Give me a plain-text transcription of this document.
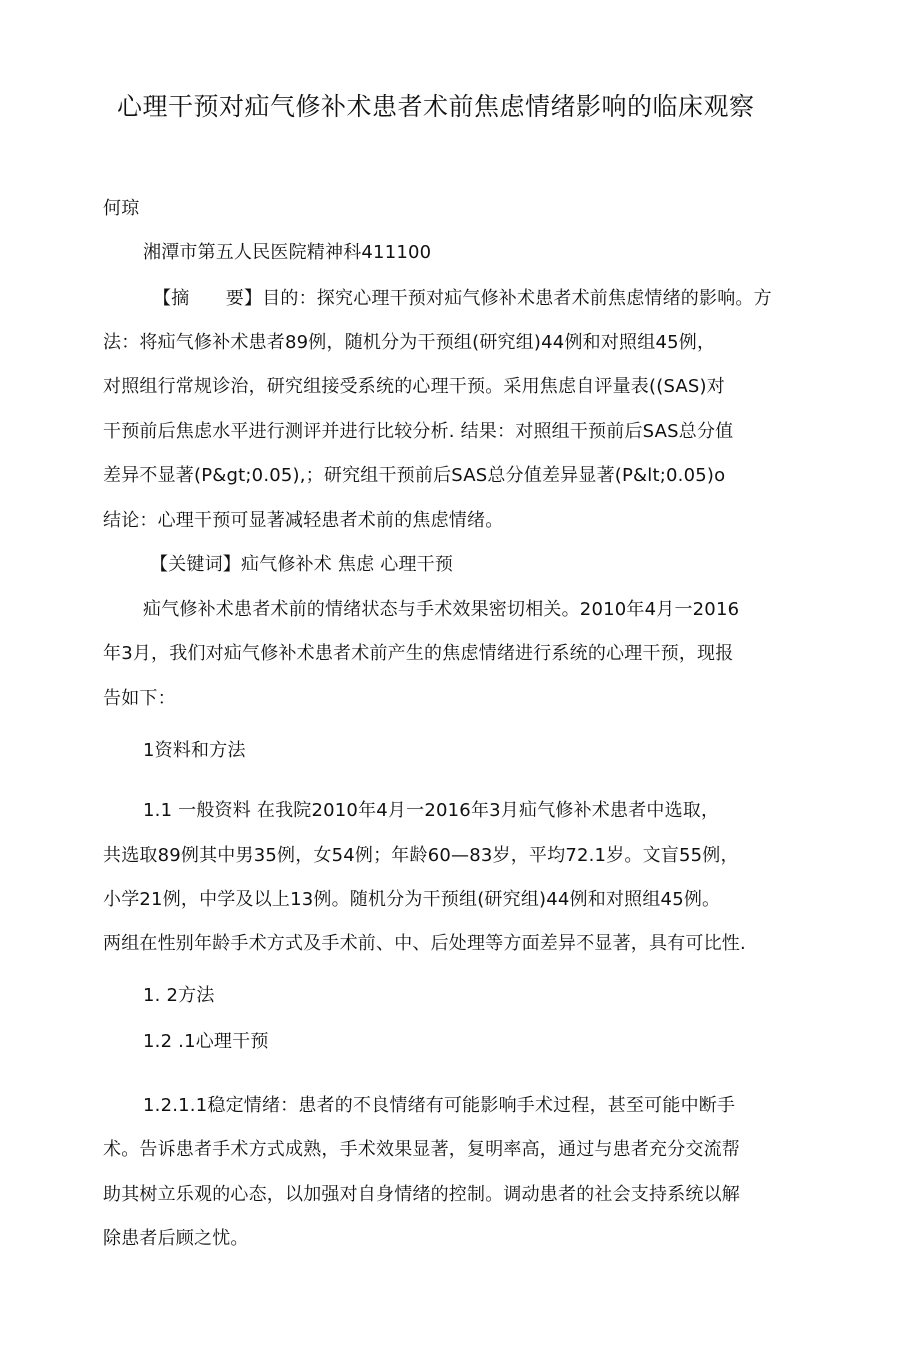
心理干预对疝气修补术患者术前焦虑情绪影响的临床观察
何琼
湘潭市第五人民医院精神科411100
【摘　　要】目的：探究心理干预对疝气修补术患者术前焦虑情绪的影响。方
法：将疝气修补术患者89例，随机分为干预组(研究组)44例和对照组45例，
对照组行常规诊治，研究组接受系统的心理干预。采用焦虑自评量表((SAS)对
干预前后焦虑水平进行测评并进行比较分析. 结果：对照组干预前后SAS总分值
差异不显著(P&gt;0.05),；研究组干预前后SAS总分值差异显著(P&lt;0.05)o
结论：心理干预可显著减轻患者术前的焦虑情绪。
【关键词】疝气修补术 焦虑 心理干预
疝气修补术患者术前的情绪状态与手术效果密切相关。2010年4月一2016
年3月，我们对疝气修补术患者术前产生的焦虑情绪进行系统的心理干预，现报
告如下：
1资料和方法
1.1 一般资料 在我院2010年4月一2016年3月疝气修补术患者中选取，
共选取89例其中男35例，女54例；年龄60—83岁，平均72.1岁。文盲55例，
小学21例，中学及以上13例。随机分为干预组(研究组)44例和对照组45例。
两组在性别年龄手术方式及手术前、中、后处理等方面差异不显著，具有可比性.
1. 2方法
1.2 .1心理干预
1.2.1.1稳定情绪：患者的不良情绪有可能影响手术过程，甚至可能中断手
术。告诉患者手术方式成熟，手术效果显著，复明率高，通过与患者充分交流帮
助其树立乐观的心态，以加强对自身情绪的控制。调动患者的社会支持系统以解
除患者后顾之忧。
